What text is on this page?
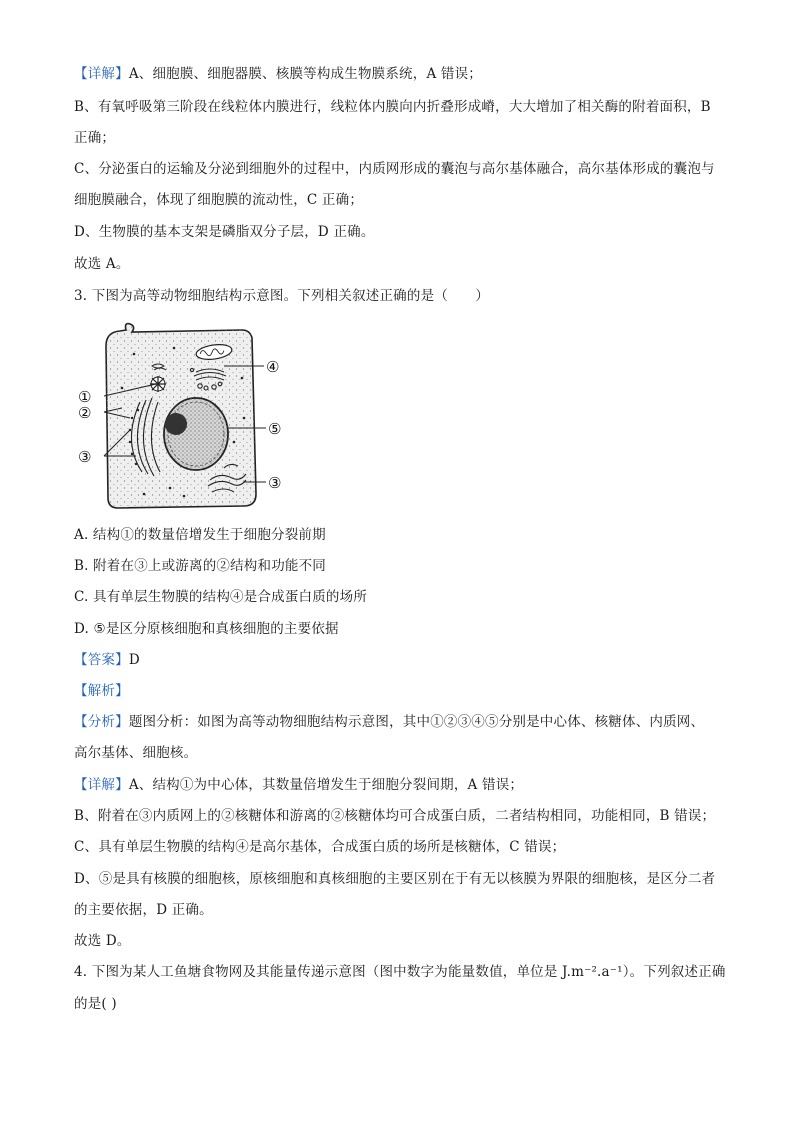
【详解】A、细胞膜、细胞器膜、核膜等构成生物膜系统，A 错误；
B、有氧呼吸第三阶段在线粒体内膜进行，线粒体内膜向内折叠形成嵴，大大增加了相关酶的附着面积，B
正确；
C、分泌蛋白的运输及分泌到细胞外的过程中，内质网形成的囊泡与高尔基体融合，高尔基体形成的囊泡与
细胞膜融合，体现了细胞膜的流动性，C 正确；
D、生物膜的基本支架是磷脂双分子层，D 正确。
故选 A。
3. 下图为高等动物细胞结构示意图。下列相关叙述正确的是（　　）
①
②
③
④
⑤
③
A. 结构①的数量倍增发生于细胞分裂前期
B. 附着在③上或游离的②结构和功能不同
C. 具有单层生物膜的结构④是合成蛋白质的场所
D. ⑤是区分原核细胞和真核细胞的主要依据
【答案】D
【解析】
【分析】题图分析：如图为高等动物细胞结构示意图，其中①②③④⑤分别是中心体、核糖体、内质网、
高尔基体、细胞核。
【详解】A、结构①为中心体，其数量倍增发生于细胞分裂间期，A 错误；
B、附着在③内质网上的②核糖体和游离的②核糖体均可合成蛋白质，二者结构相同，功能相同，B 错误；
C、具有单层生物膜的结构④是高尔基体，合成蛋白质的场所是核糖体，C 错误；
D、⑤是具有核膜的细胞核，原核细胞和真核细胞的主要区别在于有无以核膜为界限的细胞核，是区分二者
的主要依据，D 正确。
故选 D。
4. 下图为某人工鱼塘食物网及其能量传递示意图（图中数字为能量数值，单位是 J.m⁻².a⁻¹）。下列叙述正确
的是( )
